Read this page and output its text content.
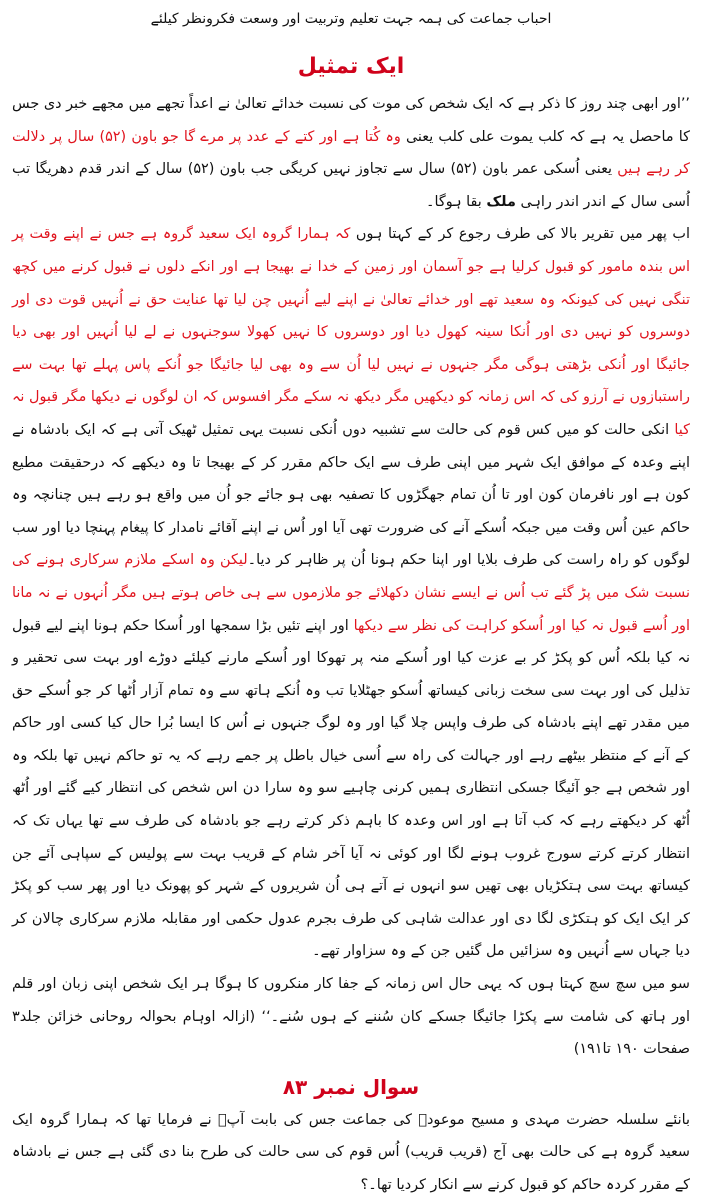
احباب جماعت کی ہمہ جہت تعلیم وتربیت اور وسعت فکرونظر کیلئے
ایک تمثیل

’’اور ابھی چند روز کا ذکر ہے کہ ایک شخص کی موت کی نسبت خدائے تعالیٰ نے اعداً تجھے میں مجھے خبر دی جس کا ماحصل یہ ہے کہ کلب یموت علی کلب یعنی وہ کُتا ہے اور کتے کے عدد پر مرے گا جو باون (۵۲) سال پر دلالت کر رہے ہیں یعنی اُسکی عمر باون (۵۲) سال سے تجاوز نہیں کریگی جب باون (۵۲) سال کے اندر قدم دھریگا تب اُسی سال کے اندر اندر راہی ملک بقا ہوگا۔

اب پھر میں تقریر بالا کی طرف رجوع کر کے کہتا ہوں کہ ہمارا گروہ ایک سعید گروہ ہے جس نے اپنے وقت پر اس بندہ مامور کو قبول کرلیا ہے جو آسمان اور زمین کے خدا نے بھیجا ہے اور انکے دلوں نے قبول کرنے میں کچھ تنگی نہیں کی کیونکہ وہ سعید تھے اور خدائے تعالیٰ نے اپنے لیے اُنہیں چن لیا تھا عنایت حق نے اُنہیں قوت دی اور دوسروں کو نہیں دی اور اُنکا سینہ کھول دیا اور دوسروں کا نہیں کھولا سوجنہوں نے لے لیا اُنہیں اور بھی دیا جائیگا اور اُنکی بڑھتی ہوگی مگر جنہوں نے نہیں لیا اُن سے وہ بھی لیا جائیگا جو اُنکے پاس پہلے تھا بہت سے راستبازوں نے آرزو کی کہ اس زمانہ کو دیکھیں مگر دیکھ نہ سکے مگر افسوس کہ ان لوگوں نے دیکھا مگر قبول نہ کیا انکی حالت کو میں کس قوم کی حالت سے تشبیہ دوں اُنکی نسبت یہی تمثیل ٹھیک آتی ہے کہ ایک بادشاہ نے اپنے وعدہ کے موافق ایک شہر میں اپنی طرف سے ایک حاکم مقرر کر کے بھیجا تا وہ دیکھے کہ درحقیقت مطیع کون ہے اور نافرمان کون اور تا اُن تمام جھگڑوں کا تصفیہ بھی ہو جائے جو اُن میں واقع ہو رہے ہیں چنانچہ وہ حاکم عین اُس وقت میں جبکہ اُسکے آنے کی ضرورت تھی آیا اور اُس نے اپنے آقائے نامدار کا پیغام پہنچا دیا اور سب لوگوں کو راہ راست کی طرف بلایا اور اپنا حکم ہونا اُن پر ظاہر کر دیا۔لیکن وہ اسکے ملازم سرکاری ہونے کی نسبت شک میں پڑ گئے تب اُس نے ایسے نشان دکھلائے جو ملازموں سے ہی خاص ہوتے ہیں مگر اُنہوں نے نہ مانا اور اُسے قبول نہ کیا اور اُسکو کراہت کی نظر سے دیکھا اور اپنے تئیں بڑا سمجھا اور اُسکا حکم ہونا اپنے لیے قبول نہ کیا بلکہ اُس کو پکڑ کر بے عزت کیا اور اُسکے منہ پر تھوکا اور اُسکے مارنے کیلئے دوڑے اور بہت سی تحقیر و تذلیل کی اور بہت سی سخت زبانی کیساتھ اُسکو جھٹلایا تب وہ اُنکے ہاتھ سے وہ تمام آزار اُٹھا کر جو اُسکے حق میں مقدر تھے اپنے بادشاہ کی طرف واپس چلا گیا اور وہ لوگ جنہوں نے اُس کا ایسا بُرا حال کیا کسی اور حاکم کے آنے کے منتظر بیٹھے رہے اور جہالت کی راہ سے اُسی خیال باطل پر جمے رہے کہ یہ تو حاکم نہیں تھا بلکہ وہ اور شخص ہے جو آئیگا جسکی انتظاری ہمیں کرنی چاہیے سو وہ سارا دن اس شخص کی انتظار کیے گئے اور اُٹھ اُٹھ کر دیکھتے رہے کہ کب آتا ہے اور اس وعدہ کا باہم ذکر کرتے رہے جو بادشاہ کی طرف سے تھا یہاں تک کہ انتظار کرتے کرتے سورج غروب ہونے لگا اور کوئی نہ آیا آخر شام کے قریب بہت سے پولیس کے سپاہی آئے جن کیساتھ بہت سی ہتکڑیاں بھی تھیں سو انہوں نے آتے ہی اُن شریروں کے شہر کو پھونک دیا اور پھر سب کو پکڑ کر ایک ایک کو ہتکڑی لگا دی اور عدالت شاہی کی طرف بجرم عدول حکمی اور مقابلہ ملازم سرکاری چالان کر دیا جہاں سے اُنہیں وہ سزائیں مل گئیں جن کے وہ سزاوار تھے۔

سو میں سچ سچ کہتا ہوں کہ یہی حال اس زمانہ کے جفا کار منکروں کا ہوگا ہر ایک شخص اپنی زبان اور قلم اور ہاتھ کی شامت سے پکڑا جائیگا جسکے کان سُننے کے ہوں سُنے۔‘‘ (ازالہ اوہام بحوالہ روحانی خزائن جلد۳ صفحات ۱۹۰ تا۱۹۱)

سوال نمبر ۸۳

بانئے سلسلہ حضرت مہدی و مسیح موعودؑ کی جماعت جس کی بابت آپؑ نے فرمایا تھا کہ ہمارا گروہ ایک سعید گروہ ہے کی حالت بھی آج (قریب قریب) اُس قوم کی سی حالت کی طرح بنا دی گئی ہے جس نے بادشاہ کے مقرر کردہ حاکم کو قبول کرنے سے انکار کردیا تھا۔؟
